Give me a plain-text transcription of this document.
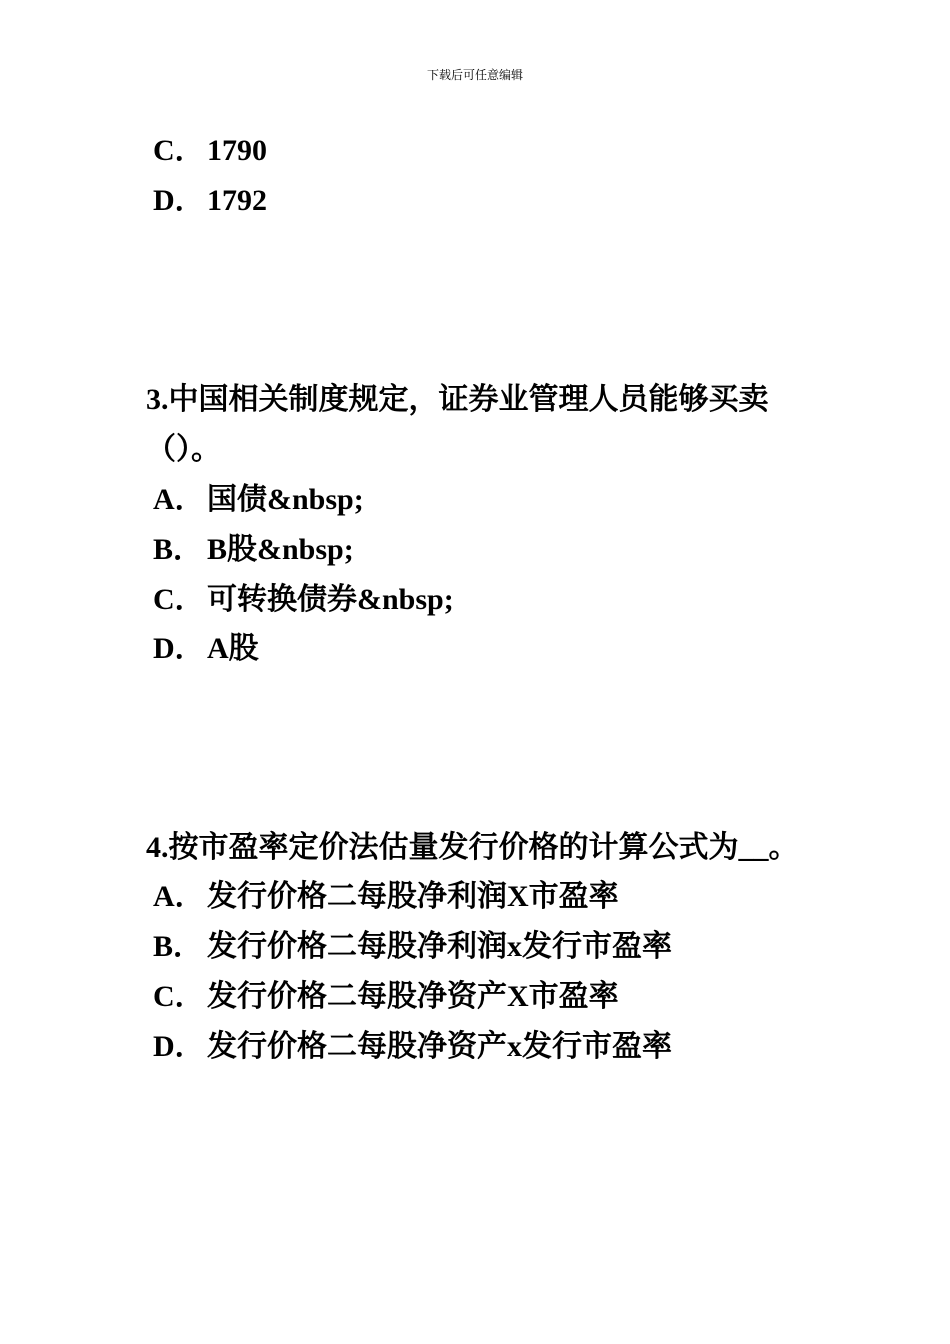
下载后可任意编辑
C．1790
D．1792
3.中国相关制度规定，证券业管理人员能够买卖
（）。
A．国债&nbsp;
B． B股&nbsp;
C．可转换债券&nbsp;
D．A股
4.按市盈率定价法估量发行价格的计算公式为__。
A．发行价格二每股净利润X市盈率
B． 发行价格二每股净利润x发行市盈率
C．发行价格二每股净资产X市盈率
D．发行价格二每股净资产x发行市盈率
